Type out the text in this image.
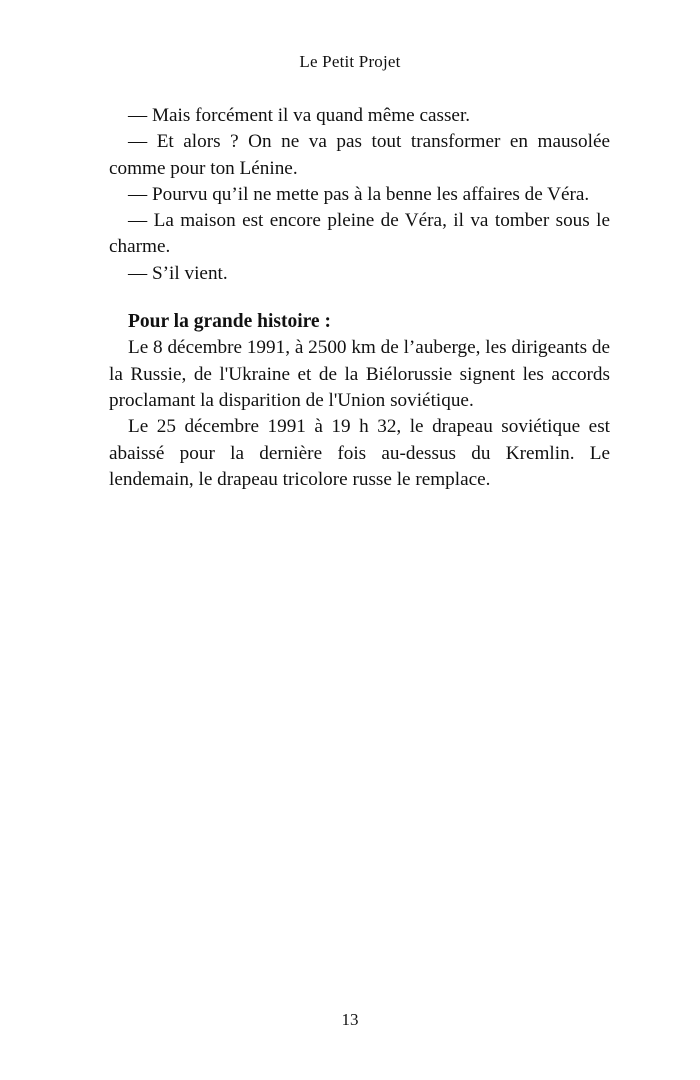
Le Petit Projet

— Mais forcément il va quand même casser.

— Et alors ? On ne va pas tout transformer en mausolée comme pour ton Lénine.

— Pourvu qu’il ne mette pas à la benne les affaires de Véra.

— La maison est encore pleine de Véra, il va tomber sous le charme.

— S’il vient.

Pour la grande histoire :

Le 8 décembre 1991, à 2500 km de l’auberge, les dirigeants de la Russie, de l'Ukraine et de la Biélorussie signent les accords proclamant la disparition de l'Union soviétique.

Le 25 décembre 1991 à 19 h 32, le drapeau soviétique est abaissé pour la dernière fois au-dessus du Kremlin. Le lendemain, le drapeau tricolore russe le remplace.

13
